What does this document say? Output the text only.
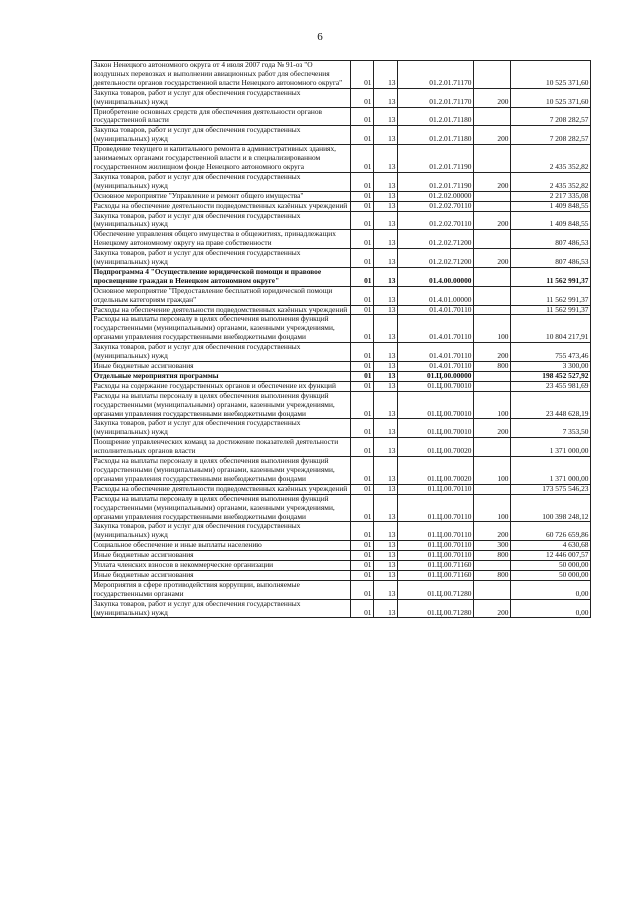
6
Закон Ненецкого автономного округа от 4 июля 2007 года № 91-оз "О воздушных перевозках и выполнении авиационных работ для обеспечения деятельности органов государственной власти Ненецкого автономного округа"	01	13	01.2.01.71170		10 525 371,60
Закупка товаров, работ и услуг для обеспечения государственных (муниципальных) нужд	01	13	01.2.01.71170	200	10 525 371,60
Приобретение основных средств для обеспечения деятельности органов государственной власти	01	13	01.2.01.71180		7 208 282,57
Закупка товаров, работ и услуг для обеспечения государственных (муниципальных) нужд	01	13	01.2.01.71180	200	7 208 282,57
Проведение текущего и капитального ремонта в административных зданиях, занимаемых органами государственной власти и в специализированном государственном жилищном фонде Ненецкого автономного округа	01	13	01.2.01.71190		2 435 352,82
Закупка товаров, работ и услуг для обеспечения государственных (муниципальных) нужд	01	13	01.2.01.71190	200	2 435 352,82
Основное мероприятие "Управление и ремонт общего имущества"	01	13	01.2.02.00000		2 217 335,08
Расходы на обеспечение деятельности подведомственных казённых учреждений	01	13	01.2.02.70110		1 409 848,55
Закупка товаров, работ и услуг для обеспечения государственных (муниципальных) нужд	01	13	01.2.02.70110	200	1 409 848,55
Обеспечение управления общего имущества в общежитиях, принадлежащих Ненецкому автономному округу на праве собственности	01	13	01.2.02.71200		807 486,53
Закупка товаров, работ и услуг для обеспечения государственных (муниципальных) нужд	01	13	01.2.02.71200	200	807 486,53
Подпрограмма 4 "Осуществление юридической помощи и правовое просвещение граждан в Ненецком автономном округе"	01	13	01.4.00.00000		11 562 991,37
Основное мероприятие "Предоставление бесплатной юридической помощи отдельным категориям граждан"	01	13	01.4.01.00000		11 562 991,37
Расходы на обеспечение деятельности подведомственных казённых учреждений	01	13	01.4.01.70110		11 562 991,37
Расходы на выплаты персоналу в целях обеспечения выполнения функций государственными (муниципальными) органами, казенными учреждениями, органами управления государственными внебюджетными фондами	01	13	01.4.01.70110	100	10 804 217,91
Закупка товаров, работ и услуг для обеспечения государственных (муниципальных) нужд	01	13	01.4.01.70110	200	755 473,46
Иные бюджетные ассигнования	01	13	01.4.01.70110	800	3 300,00
Отдельные мероприятия программы	01	13	01.Ц.00.00000		198 452 527,92
Расходы на содержание государственных органов и обеспечение их функций	01	13	01.Ц.00.70010		23 455 981,69
Расходы на выплаты персоналу в целях обеспечения выполнения функций государственными (муниципальными) органами, казенными учреждениями, органами управления государственными внебюджетными фондами	01	13	01.Ц.00.70010	100	23 448 628,19
Закупка товаров, работ и услуг для обеспечения государственных (муниципальных) нужд	01	13	01.Ц.00.70010	200	7 353,50
Поощрение управленческих команд за достижение показателей деятельности исполнительных органов власти	01	13	01.Ц.00.70020		1 371 000,00
Расходы на выплаты персоналу в целях обеспечения выполнения функций государственными (муниципальными) органами, казенными учреждениями, органами управления государственными внебюджетными фондами	01	13	01.Ц.00.70020	100	1 371 000,00
Расходы на обеспечение деятельности подведомственных казённых учреждений	01	13	01.Ц.00.70110		173 575 546,23
Расходы на выплаты персоналу в целях обеспечения выполнения функций государственными (муниципальными) органами, казенными учреждениями, органами управления государственными внебюджетными фондами	01	13	01.Ц.00.70110	100	100 398 248,12
Закупка товаров, работ и услуг для обеспечения государственных (муниципальных) нужд	01	13	01.Ц.00.70110	200	60 726 659,86
Социальное обеспечение и иные выплаты населению	01	13	01.Ц.00.70110	300	4 630,68
Иные бюджетные ассигнования	01	13	01.Ц.00.70110	800	12 446 007,57
Уплата членских взносов в некоммерческие организации	01	13	01.Ц.00.71160		50 000,00
Иные бюджетные ассигнования	01	13	01.Ц.00.71160	800	50 000,00
Мероприятия в сфере противодействия коррупции, выполняемые государственными органами	01	13	01.Ц.00.71280		0,00
Закупка товаров, работ и услуг для обеспечения государственных (муниципальных) нужд	01	13	01.Ц.00.71280	200	0,00
